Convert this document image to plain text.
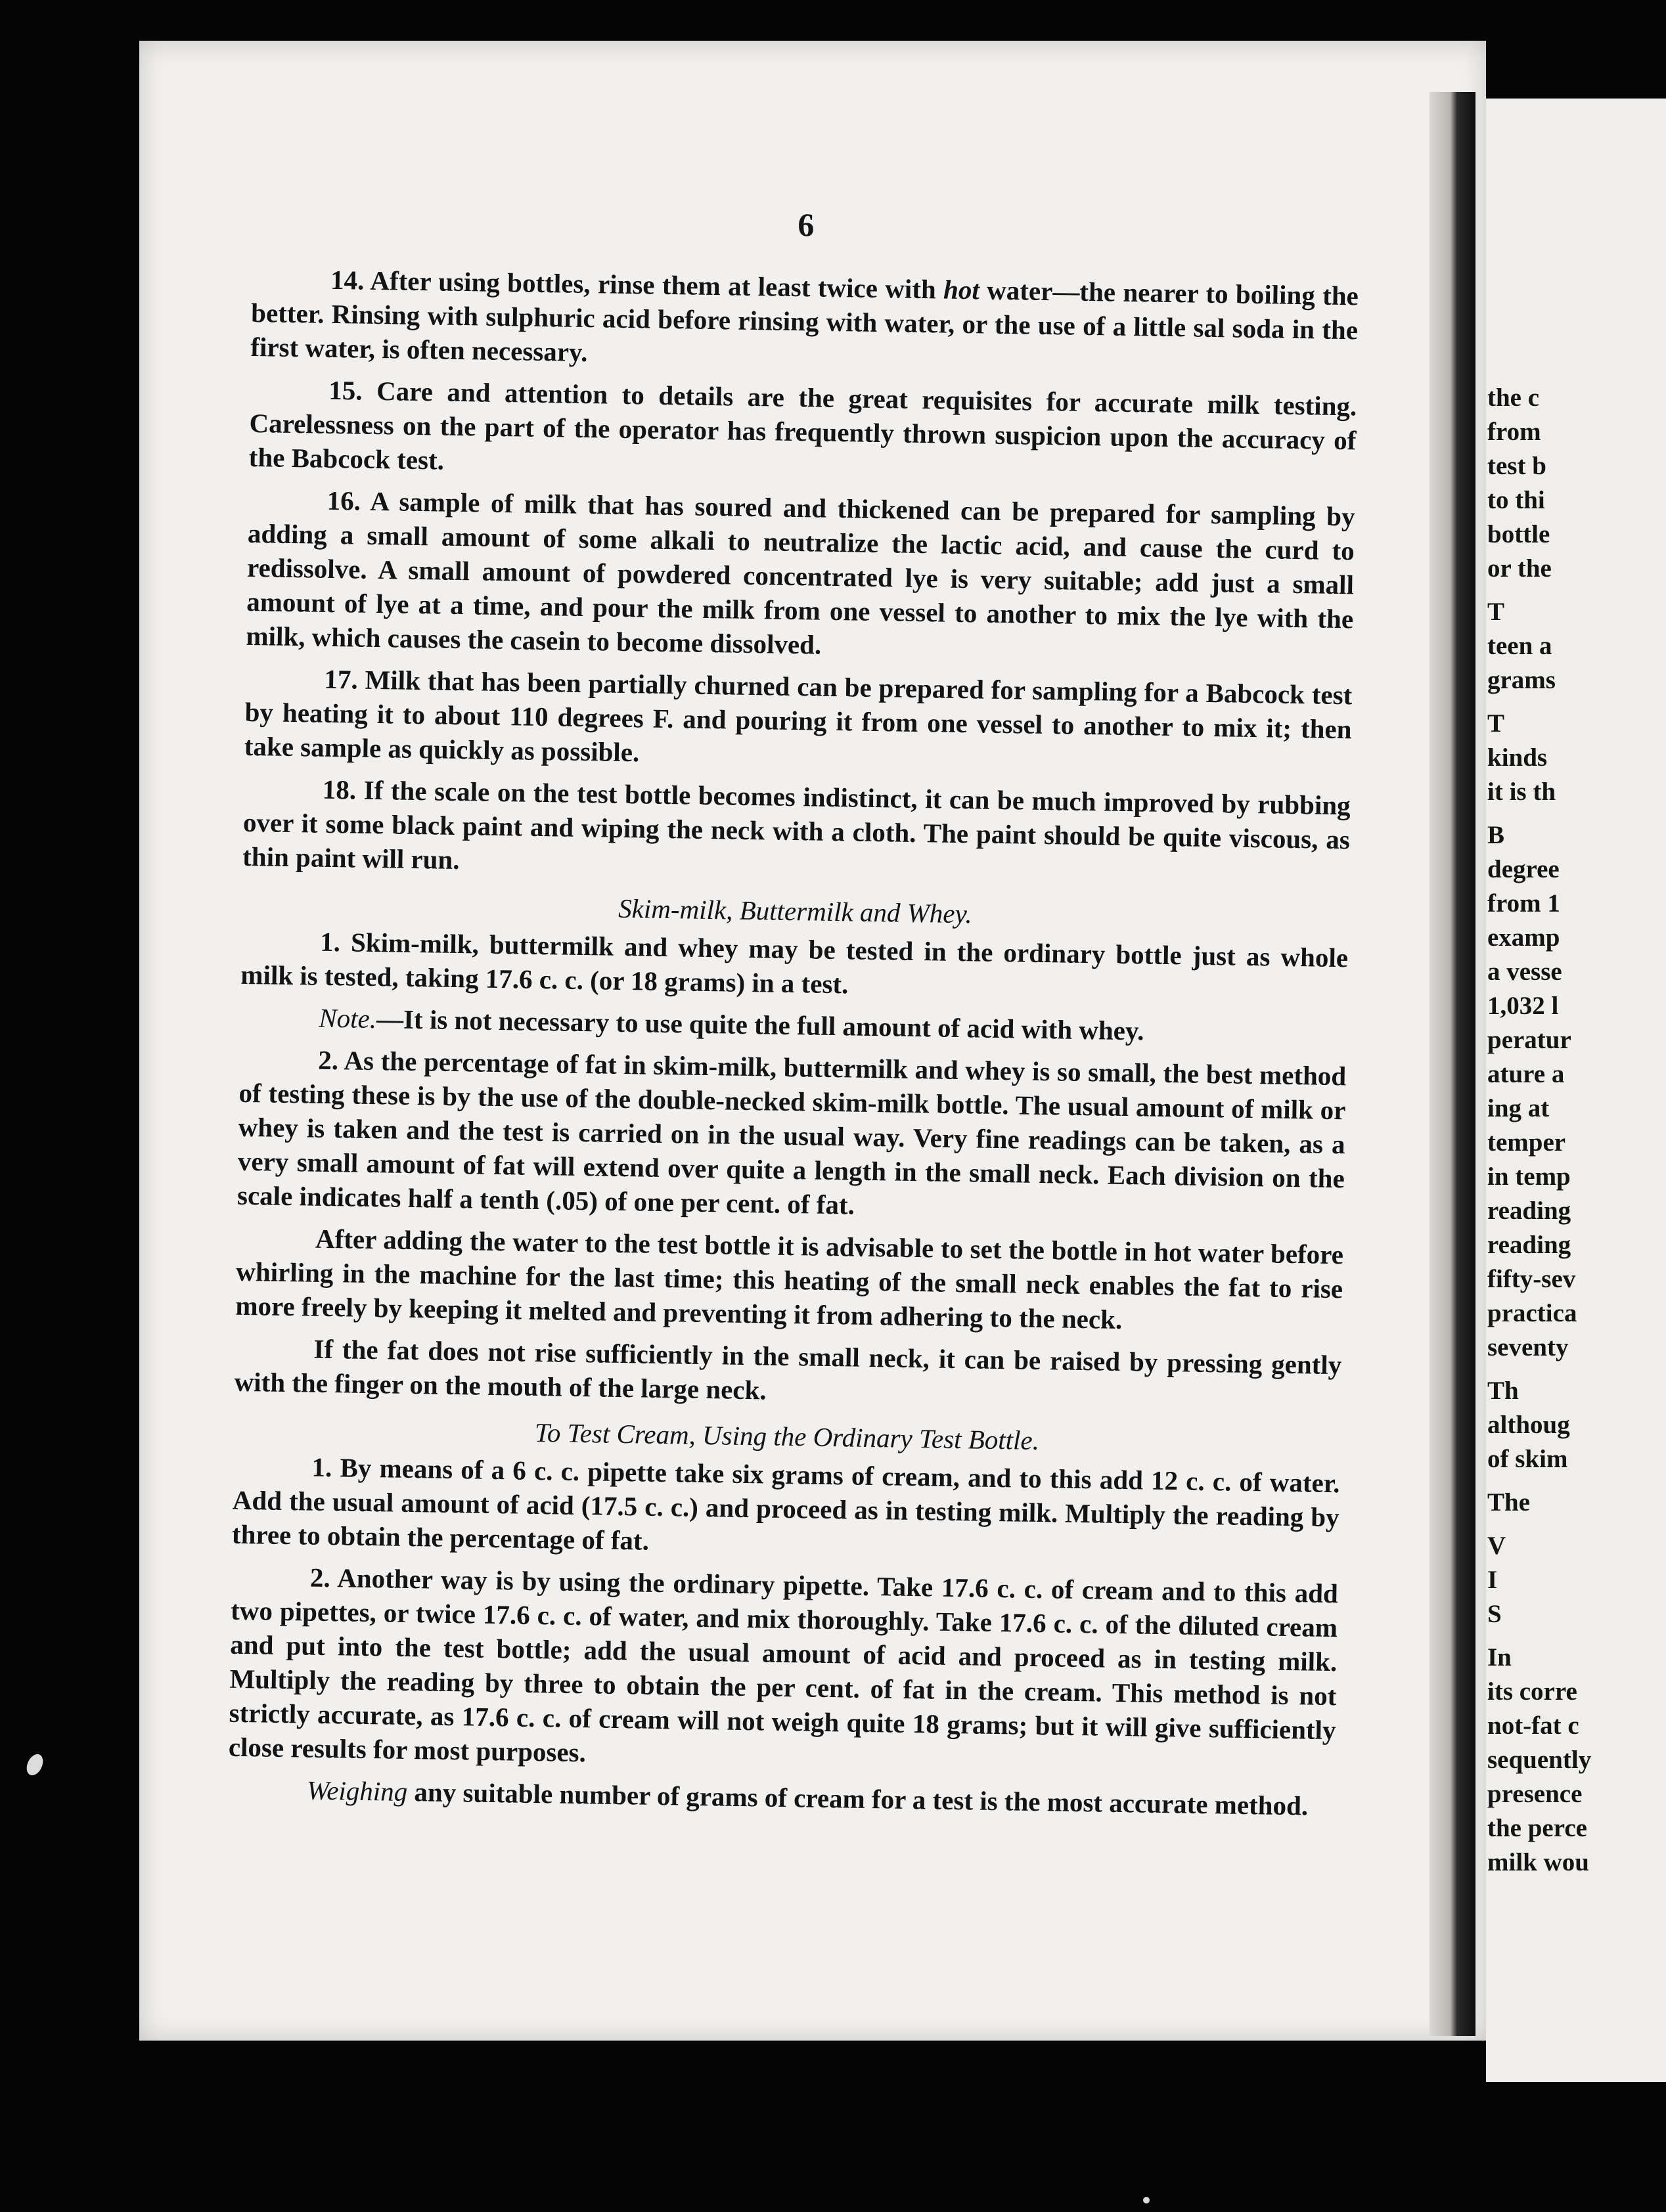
the c
from
test b
to thi
bottle
or the
T
teen a
grams
T
kinds
it is th
B
degree
from 1
examp
a vesse
1,032 l
peratur
ature a
ing at
temper
in temp
reading
reading
fifty-sev
practica
seventy
Th
althoug
of skim
The
V
I
S
In
its corre
not-fat c
sequently
presence
the perce
milk wou
6

14. After using bottles, rinse them at least twice with hot water—the nearer to boiling the better. Rinsing with sulphuric acid before rinsing with water, or the use of a little sal soda in the first water, is often necessary.

15. Care and attention to details are the great requisites for accurate milk testing. Carelessness on the part of the operator has frequently thrown suspicion upon the accuracy of the Babcock test.

16. A sample of milk that has soured and thickened can be prepared for sampling by adding a small amount of some alkali to neutralize the lactic acid, and cause the curd to redissolve. A small amount of powdered concentrated lye is very suitable; add just a small amount of lye at a time, and pour the milk from one vessel to another to mix the lye with the milk, which causes the casein to become dissolved.

17. Milk that has been partially churned can be prepared for sampling for a Babcock test by heating it to about 110 degrees F. and pouring it from one vessel to another to mix it; then take sample as quickly as possible.

18. If the scale on the test bottle becomes indistinct, it can be much improved by rubbing over it some black paint and wiping the neck with a cloth. The paint should be quite viscous, as thin paint will run.

Skim-milk, Buttermilk and Whey.

1. Skim-milk, buttermilk and whey may be tested in the ordinary bottle just as whole milk is tested, taking 17.6 c. c. (or 18 grams) in a test.

Note.—It is not necessary to use quite the full amount of acid with whey.

2. As the percentage of fat in skim-milk, buttermilk and whey is so small, the best method of testing these is by the use of the double-necked skim-milk bottle. The usual amount of milk or whey is taken and the test is carried on in the usual way. Very fine readings can be taken, as a very small amount of fat will extend over quite a length in the small neck. Each division on the scale indicates half a tenth (.05) of one per cent. of fat.

After adding the water to the test bottle it is advisable to set the bottle in hot water before whirling in the machine for the last time; this heating of the small neck enables the fat to rise more freely by keeping it melted and preventing it from adhering to the neck.

If the fat does not rise sufficiently in the small neck, it can be raised by pressing gently with the finger on the mouth of the large neck.

To Test Cream, Using the Ordinary Test Bottle.

1. By means of a 6 c. c. pipette take six grams of cream, and to this add 12 c. c. of water. Add the usual amount of acid (17.5 c. c.) and proceed as in testing milk. Multiply the reading by three to obtain the percentage of fat.

2. Another way is by using the ordinary pipette. Take 17.6 c. c. of cream and to this add two pipettes, or twice 17.6 c. c. of water, and mix thoroughly. Take 17.6 c. c. of the diluted cream and put into the test bottle; add the usual amount of acid and proceed as in testing milk. Multiply the reading by three to obtain the per cent. of fat in the cream. This method is not strictly accurate, as 17.6 c. c. of cream will not weigh quite 18 grams; but it will give sufficiently close results for most purposes.

Weighing any suitable number of grams of cream for a test is the most accurate method.
